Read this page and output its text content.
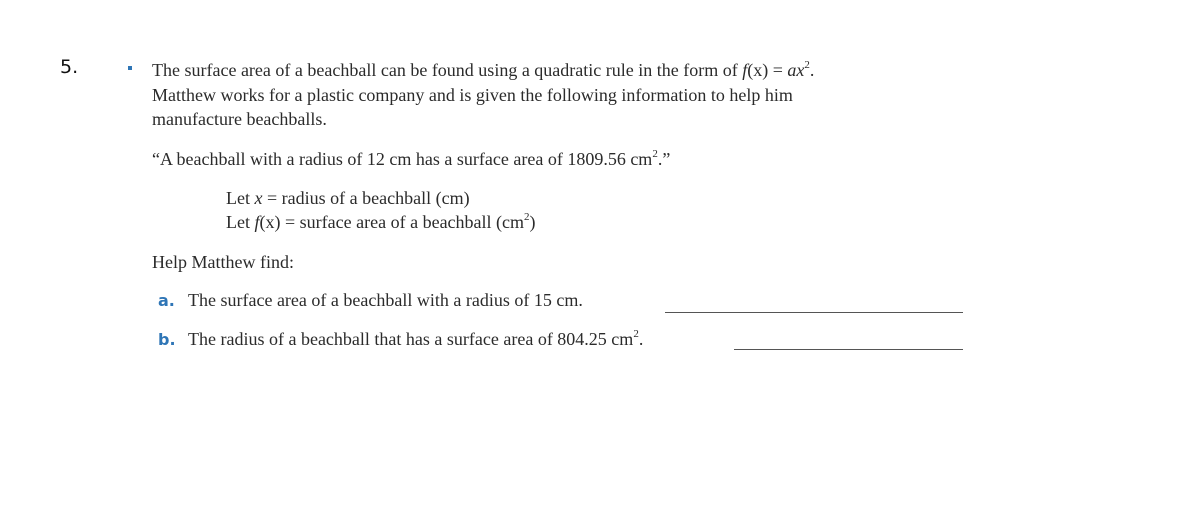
5.	The surface area of a beachball can be found using a quadratic rule in the form of $f(x) = ax^2$.
Matthew works for a plastic company and is given the following information to help him
manufacture beachballs.
“A beachball with a radius of 12 cm has a surface area of 1809.56 $cm^2$.”
Let x = radius of a beachball (cm)
Let f(x) = surface area of a beachball $(cm^2)$
Help Matthew find:
a. The surface area of a beachball with a radius of 15 cm.
b. The radius of a beachball that has a surface area of 804.25 $cm^2$.
